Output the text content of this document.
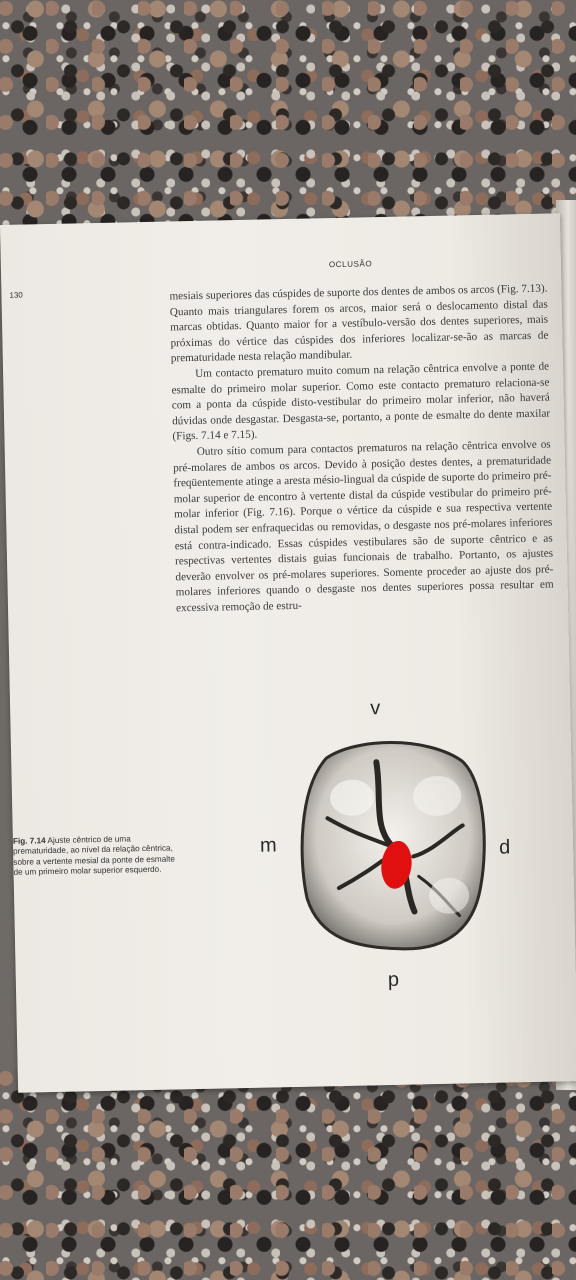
130
OCLUSÃO

mesiais superiores das cúspides de suporte dos dentes de ambos os arcos (Fig. 7.13). Quanto mais triangulares forem os arcos, maior será o deslocamento distal das marcas obtidas. Quanto maior for a vestíbulo-versão dos dentes superiores, mais próximas do vértice das cúspides dos inferiores localizar-se-ão as marcas de prematuridade nesta relação mandibular.

Um contacto prematuro muito comum na relação cêntrica envolve a ponte de esmalte do primeiro molar superior. Como este contacto prematuro relaciona-se com a ponta da cúspide disto-vestibular do primeiro molar inferior, não haverá dúvidas onde desgastar. Desgasta-se, portanto, a ponte de esmalte do dente maxilar (Figs. 7.14 e 7.15).

Outro sítio comum para contactos prematuros na relação cêntrica envolve os pré-molares de ambos os arcos. Devido à posição destes dentes, a prematuridade freqüentemente atinge a aresta mésio-lingual da cúspide de suporte do primeiro pré-molar superior de encontro à vertente distal da cúspide vestibular do primeiro pré-molar inferior (Fig. 7.16). Porque o vértice da cúspide e sua respectiva vertente distal podem ser enfraquecidas ou removidas, o desgaste nos pré-molares inferiores está contra-indicado. Essas cúspides vestibulares são de suporte cêntrico e as respectivas vertentes distais guias funcionais de trabalho. Portanto, os ajustes deverão envolver os pré-molares superiores. Somente proceder ao ajuste dos pré-molares inferiores quando o desgaste nos dentes superiores possa resultar em excessiva remoção de estru-

Fig. 7.14 Ajuste cêntrico de uma prematuridade, ao nível da relação cêntrica, sobre a vertente mesial da ponte de esmalte de um primeiro molar superior esquerdo.
v
m	d
p
